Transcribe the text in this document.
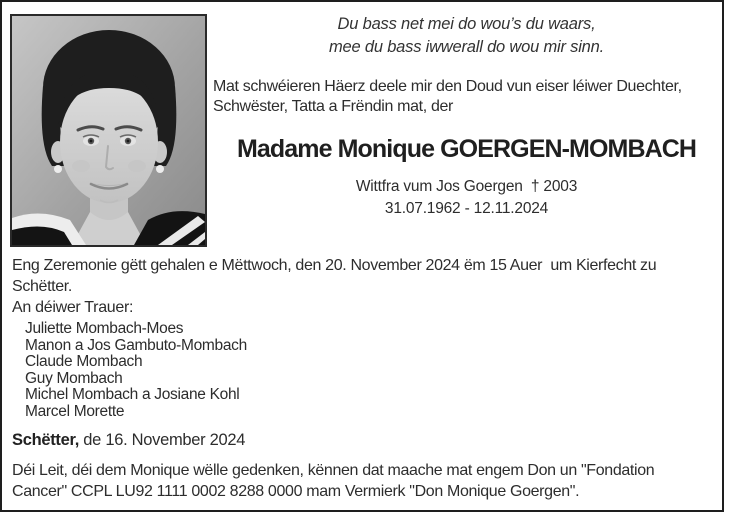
Du bass net mei do wou’s du waars,
mee du bass iwwerall do wou mir sinn.
Mat schwéieren Häerz deele mir den Doud vun eiser léiwer Duechter,
Schwëster, Tatta a Frëndin mat, der
Madame Monique GOERGEN-MOMBACH
Wittfra vum Jos Goergen  † 2003
31.07.1962 - 12.11.2024
Eng Zeremonie gëtt gehalen e Mëttwoch, den 20. November 2024 ëm 15 Auer  um Kierfecht zu
Schëtter.
An déiwer Trauer:
Juliette Mombach-Moes
Manon a Jos Gambuto-Mombach
Claude Mombach
Guy Mombach
Michel Mombach a Josiane Kohl
Marcel Morette
Schëtter, de 16. November 2024
Déi Leit, déi dem Monique wëlle gedenken, kënnen dat maache mat engem Don un "Fondation
Cancer" CCPL LU92 1111 0002 8288 0000 mam Vermierk "Don Monique Goergen".
